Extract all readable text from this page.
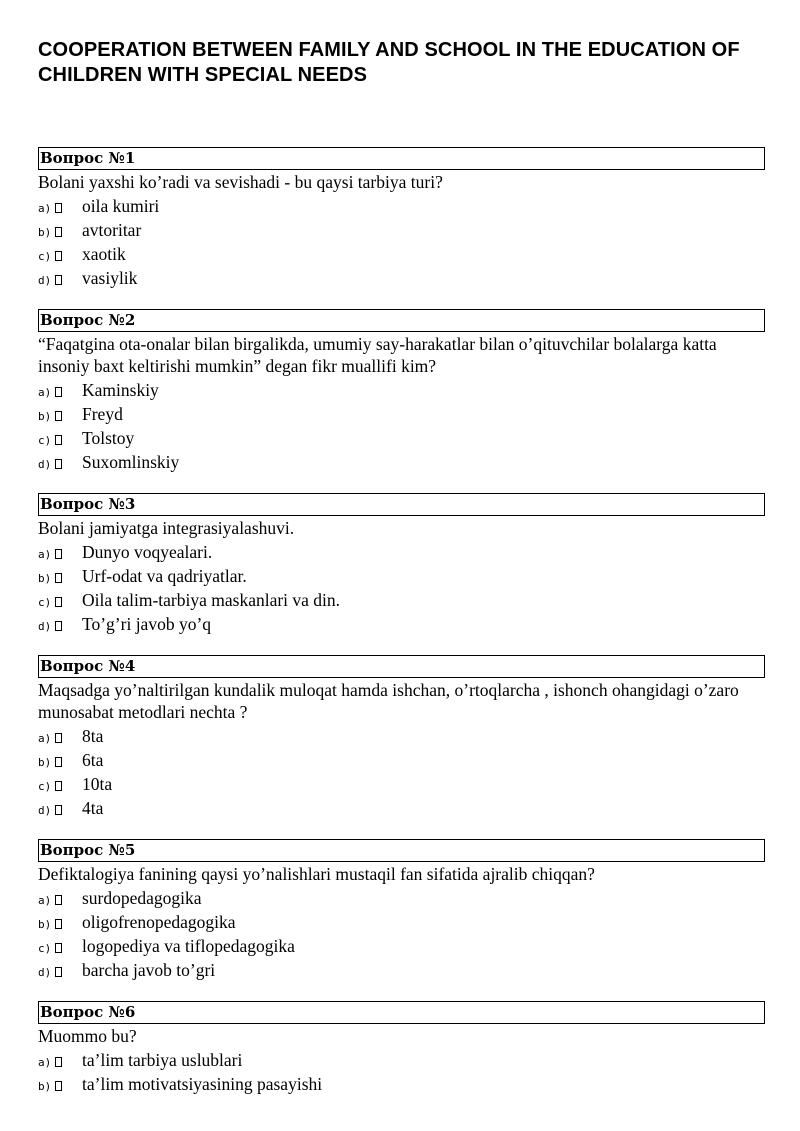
COOPERATION BETWEEN FAMILY AND SCHOOL IN THE EDUCATION OF CHILDREN WITH SPECIAL NEEDS
Вопрос №1
Bolani yaxshi ko’radi va sevishadi - bu qaysi tarbiya turi?
a) oila kumiri
b) avtoritar
c) xaotik
d) vasiylik
Вопрос №2
“Faqatgina ota-onalar bilan birgalikda, umumiy say-harakatlar bilan o’qituvchilar bolalarga katta insoniy baxt keltirishi mumkin” degan fikr muallifi kim?
a) Kaminskiy
b) Freyd
c) Tolstoy
d) Suxomlinskiy
Вопрос №3
Bolani jamiyatga integrasiyalashuvi.
a) Dunyo voqyealari.
b) Urf-odat va qadriyatlar.
c) Oila talim-tarbiya maskanlari va din.
d) To’g’ri javob yo’q
Вопрос №4
Maqsadga yo’naltirilgan kundalik muloqat hamda ishchan, o’rtoqlarcha , ishonch ohangidagi o’zaro munosabat metodlari nechta ?
a) 8ta
b) 6ta
c) 10ta
d) 4ta
Вопрос №5
Defiktalogiya fanining qaysi yo’nalishlari mustaqil fan sifatida ajralib chiqqan?
a) surdopedagogika
b) oligofrenopedagogika
c) logopediya va tiflopedagogika
d) barcha javob to’gri
Вопрос №6
Muommo bu?
a) ta’lim tarbiya uslublari
b) ta’lim motivatsiyasining pasayishi
